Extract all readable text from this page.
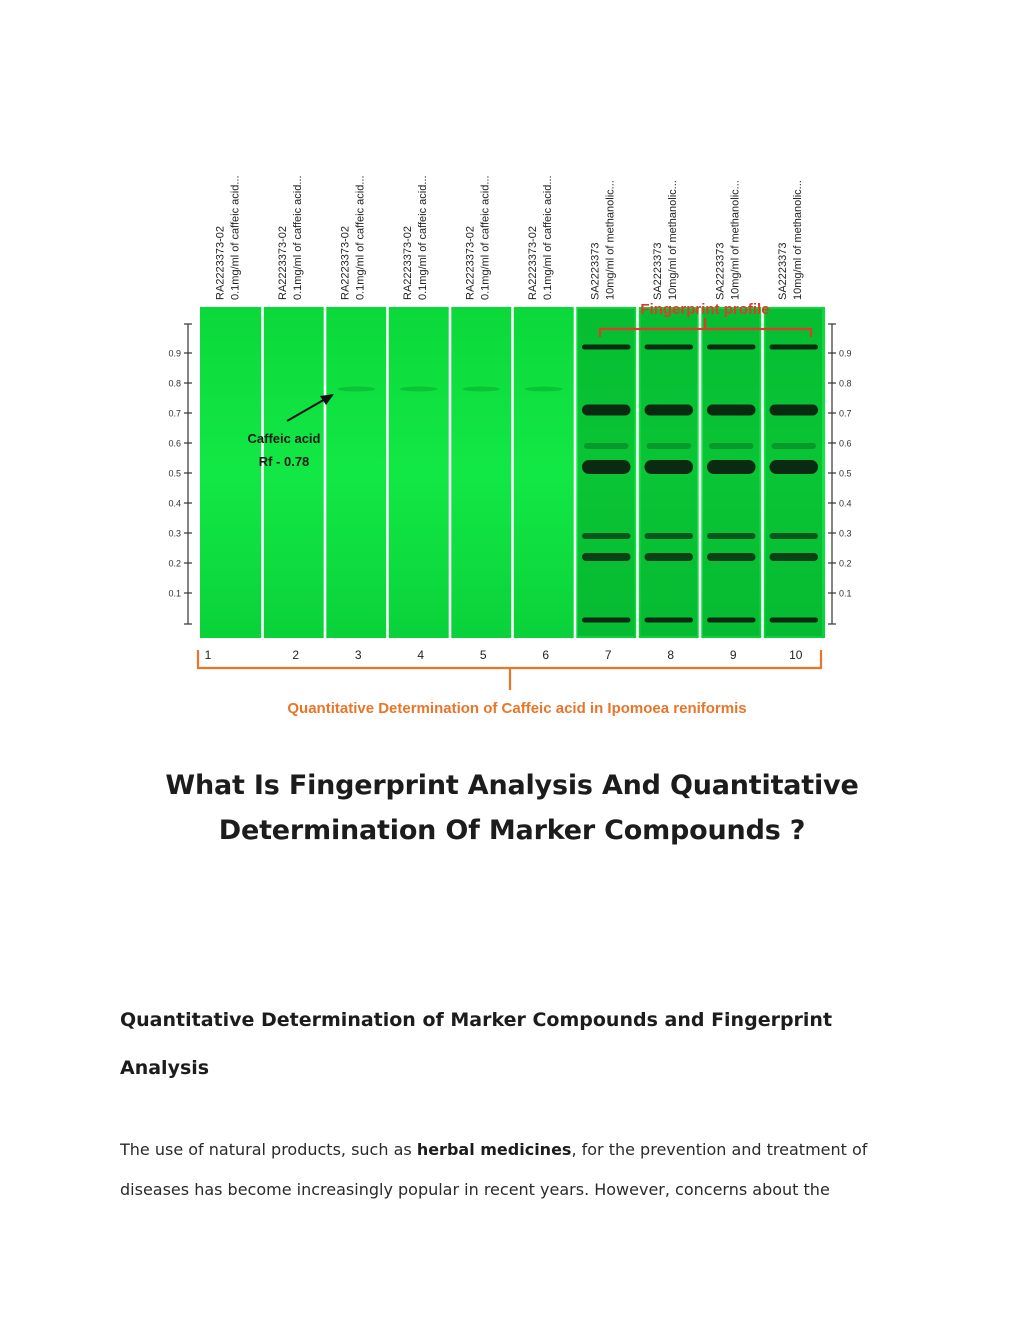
RA2223373-02 0.1mg/ml of caffeic acid...	RA2223373-02 0.1mg/ml of caffeic acid...	RA2223373-02 0.1mg/ml of caffeic acid...	RA2223373-02 0.1mg/ml of caffeic acid...	RA2223373-02 0.1mg/ml of caffeic acid...	RA2223373-02 0.1mg/ml of caffeic acid...	SA2223373 10mg/ml of methanolic...	SA2223373 10mg/ml of methanolic...	SA2223373 10mg/ml of methanolic...	SA2223373 10mg/ml of methanolic...
0.9
0.8
0.7
0.6
0.5
0.4
0.3
0.2
0.1
0.9
0.8
0.7
0.6
0.5
0.4
0.3
0.2
0.1
Fingerprint profile
Caffeic acid
Rf - 0.78
1	2	3	4	5	6	7	8	9	10
Quantitative Determination of Caffeic acid in Ipomoea reniformis
What Is Fingerprint Analysis And Quantitative Determination Of Marker Compounds ?
Quantitative Determination of Marker Compounds and Fingerprint Analysis

The use of natural products, such as herbal medicines, for the prevention and treatment of diseases has become increasingly popular in recent years. However, concerns about the
